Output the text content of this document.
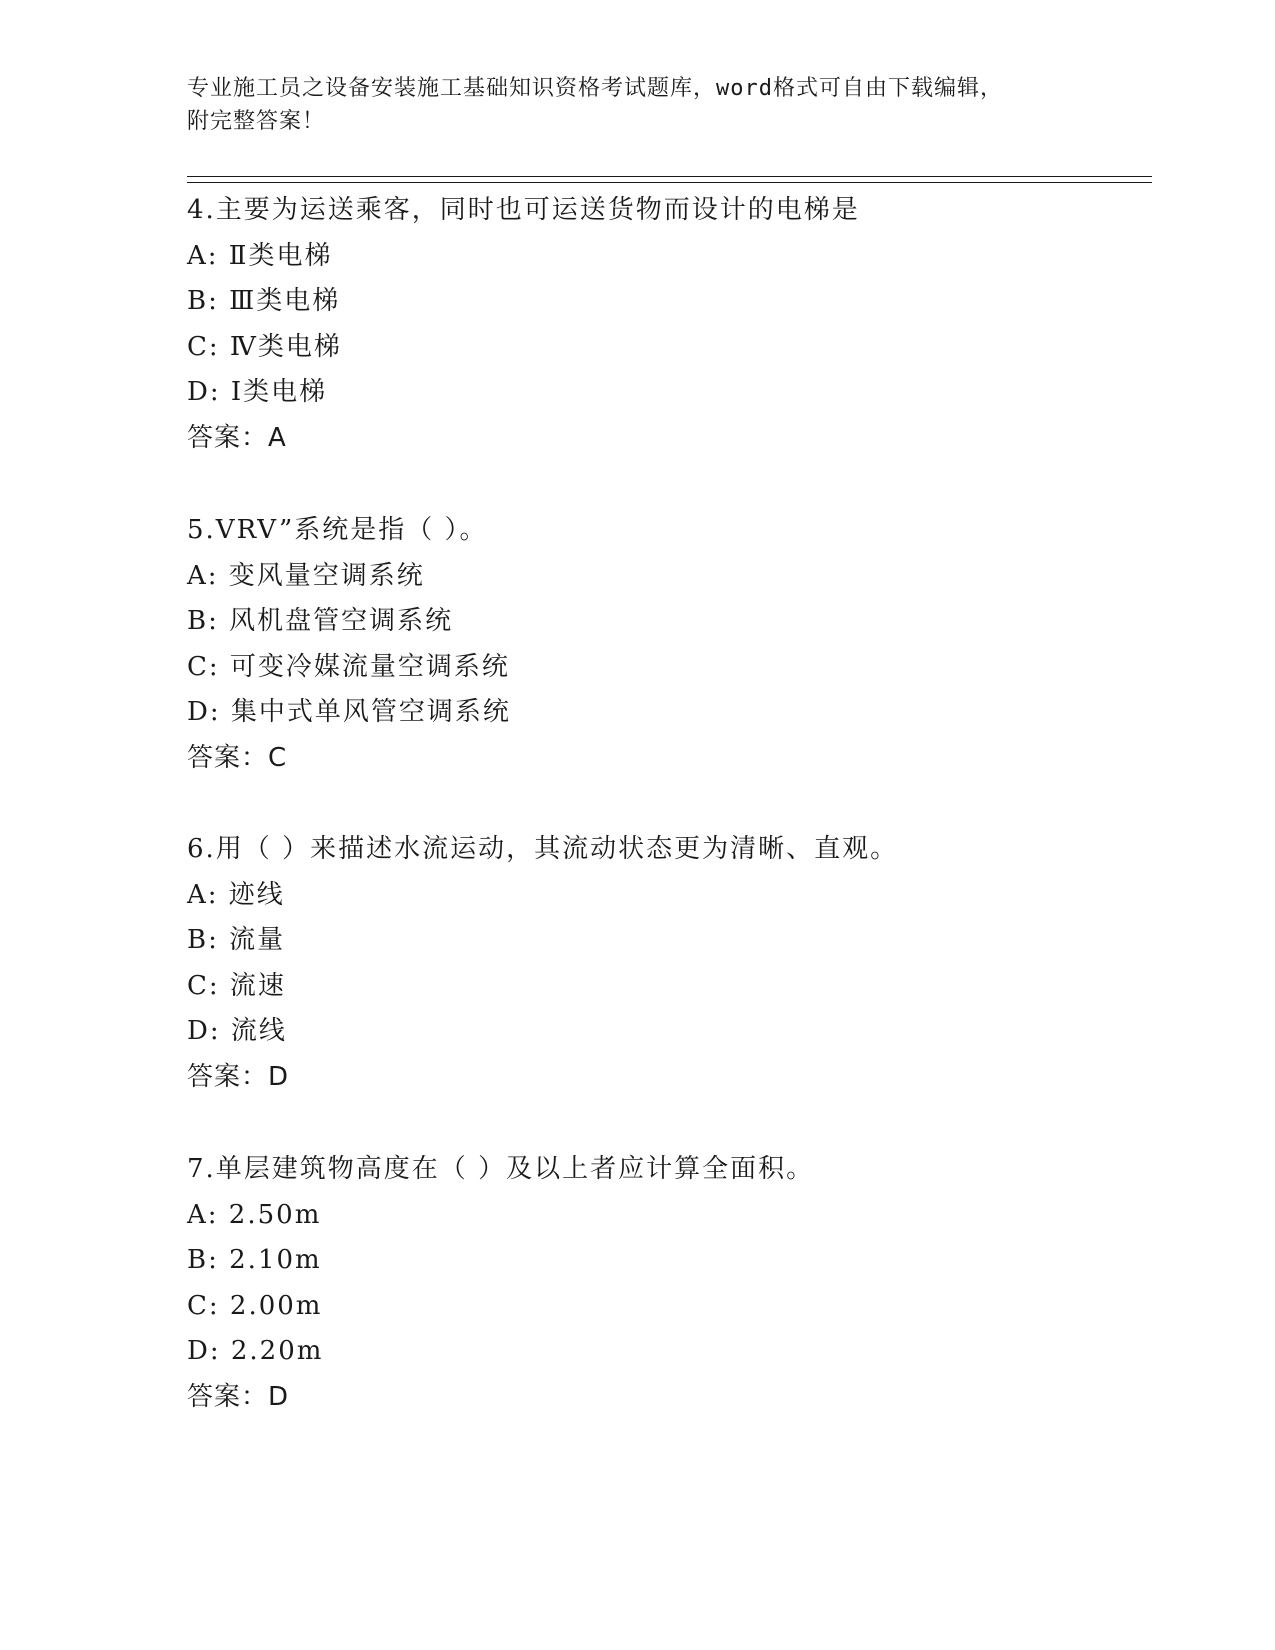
专业施工员之设备安装施工基础知识资格考试题库，word格式可自由下载编辑，
附完整答案！
4.主要为运送乘客，同时也可运送货物而设计的电梯是
A: Ⅱ类电梯
B: Ⅲ类电梯
C: Ⅳ类电梯
D: Ⅰ类电梯
答案：A
5.VRV”系统是指（ ）。
A: 变风量空调系统
B: 风机盘管空调系统
C: 可变冷媒流量空调系统
D: 集中式单风管空调系统
答案：C
6.用（ ）来描述水流运动，其流动状态更为清晰、直观。
A: 迹线
B: 流量
C: 流速
D: 流线
答案：D
7.单层建筑物高度在（ ）及以上者应计算全面积。
A: 2.50m
B: 2.10m
C: 2.00m
D: 2.20m
答案：D
